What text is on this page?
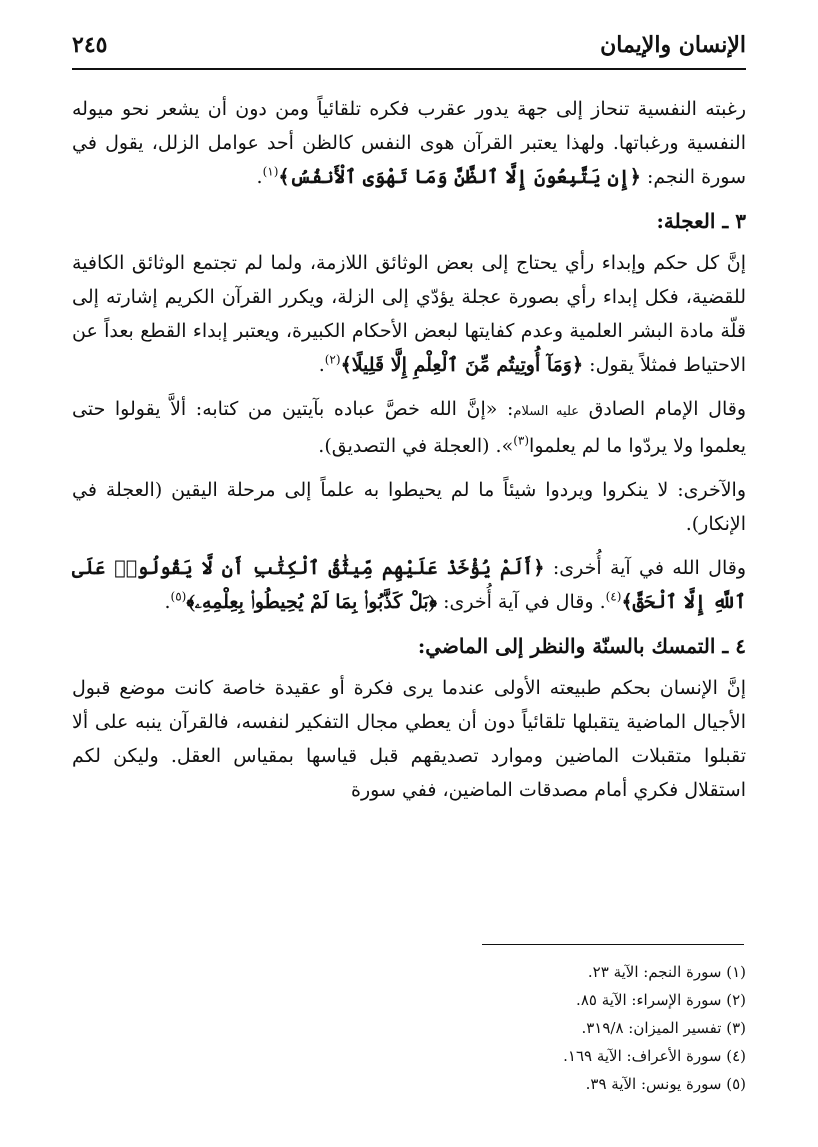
الإنسان والإيمان
٢٤٥

رغبته النفسية تنحاز إلى جهة يدور عقرب فكره تلقائياً ومن دون أن يشعر نحو ميوله النفسية ورغباتها. ولهذا يعتبر القرآن هوى النفس كالظن أحد عوامل الزلل، يقول في سورة النجم: ﴿إِن يَتَّبِعُونَ إِلَّا ٱلظَّنَّ وَمَا تَهْوَى ٱلْأَنفُسُ﴾$^{(١)}$.

٣ ـ العجلة:

إنَّ كل حكم وإبداء رأي يحتاج إلى بعض الوثائق اللازمة، ولما لم تجتمع الوثائق الكافية للقضية، فكل إبداء رأي بصورة عجلة يؤدّي إلى الزلة، ويكرر القرآن الكريم إشارته إلى قلّة مادة البشر العلمية وعدم كفايتها لبعض الأحكام الكبيرة، ويعتبر إبداء القطع بعداً عن الاحتياط فمثلاً يقول: ﴿وَمَآ أُوتِيتُم مِّنَ ٱلْعِلْمِ إِلَّا قَلِيلًا﴾$^{(٢)}$.

وقال الإمام الصادق عليه السلام: «إنَّ الله خصَّ عباده بآيتين من كتابه: ألاَّ يقولوا حتى يعلموا ولا يردّوا ما لم يعلموا$^{(٣)}$». (العجلة في التصديق).

والآخرى: لا ينكروا ويردوا شيئاً ما لم يحيطوا به علماً إلى مرحلة اليقين (العجلة في الإنكار).

وقال الله في آية أُخرى: ﴿أَلَمْ يُؤْخَذْ عَلَيْهِم مِّيثَٰقُ ٱلْكِتَٰبِ أَن لَّا يَقُولُوا۟ عَلَى ٱللَّهِ إِلَّا ٱلْحَقَّ﴾$^{(٤)}$. وقال في آية أُخرى: ﴿بَلْ كَذَّبُوا۟ بِمَا لَمْ يُحِيطُوا۟ بِعِلْمِهِۦ﴾$^{(٥)}$.

٤ ـ التمسك بالسنّة والنظر إلى الماضي:

إنَّ الإنسان بحكم طبيعته الأولى عندما يرى فكرة أو عقيدة خاصة كانت موضع قبول الأجيال الماضية يتقبلها تلقائياً دون أن يعطي مجال التفكير لنفسه، فالقرآن ينبه على ألا تقبلوا متقبلات الماضين وموارد تصديقهم قبل قياسها بمقياس العقل. وليكن لكم استقلال فكري أمام مصدقات الماضين، ففي سورة

(١) سورة النجم: الآية ٢٣.
(٢) سورة الإسراء: الآية ٨٥.
(٣) تفسير الميزان: ٣١٩/٨.
(٤) سورة الأعراف: الآية ١٦٩.
(٥) سورة يونس: الآية ٣٩.
